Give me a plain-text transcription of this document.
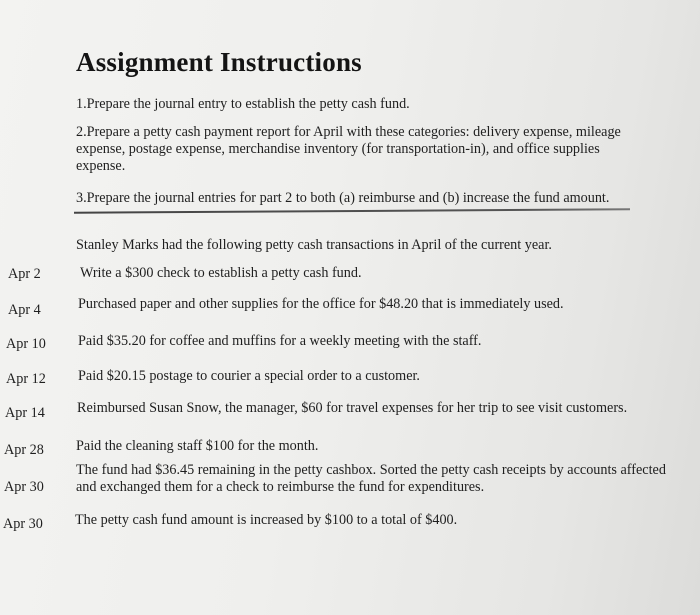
Assignment Instructions
1.Prepare the journal entry to establish the petty cash fund.
2.Prepare a petty cash payment report for April with these categories: delivery expense, mileage expense, postage expense, merchandise inventory (for transportation-in), and office supplies expense.
3.Prepare the journal entries for part 2 to both (a) reimburse and (b) increase the fund amount.
Stanley Marks had the following petty cash transactions in April of the current year.
Apr 2	Write a $300 check to establish a petty cash fund.
Apr 4	Purchased paper and other supplies for the office for $48.20 that is immediately used.
Apr 10 Paid $35.20 for coffee and muffins for a weekly meeting with the staff.
Apr 12 Paid $20.15 postage to courier a special order to a customer.
Apr 14 Reimbursed Susan Snow, the manager, $60 for travel expenses for her trip to see visit customers.
Apr 28 Paid the cleaning staff $100 for the month.
Apr 30
The fund had $36.45 remaining in the petty cashbox. Sorted the petty cash receipts by accounts affected and exchanged them for a check to reimburse the fund for expenditures.
Apr 30 The petty cash fund amount is increased by $100 to a total of $400.
